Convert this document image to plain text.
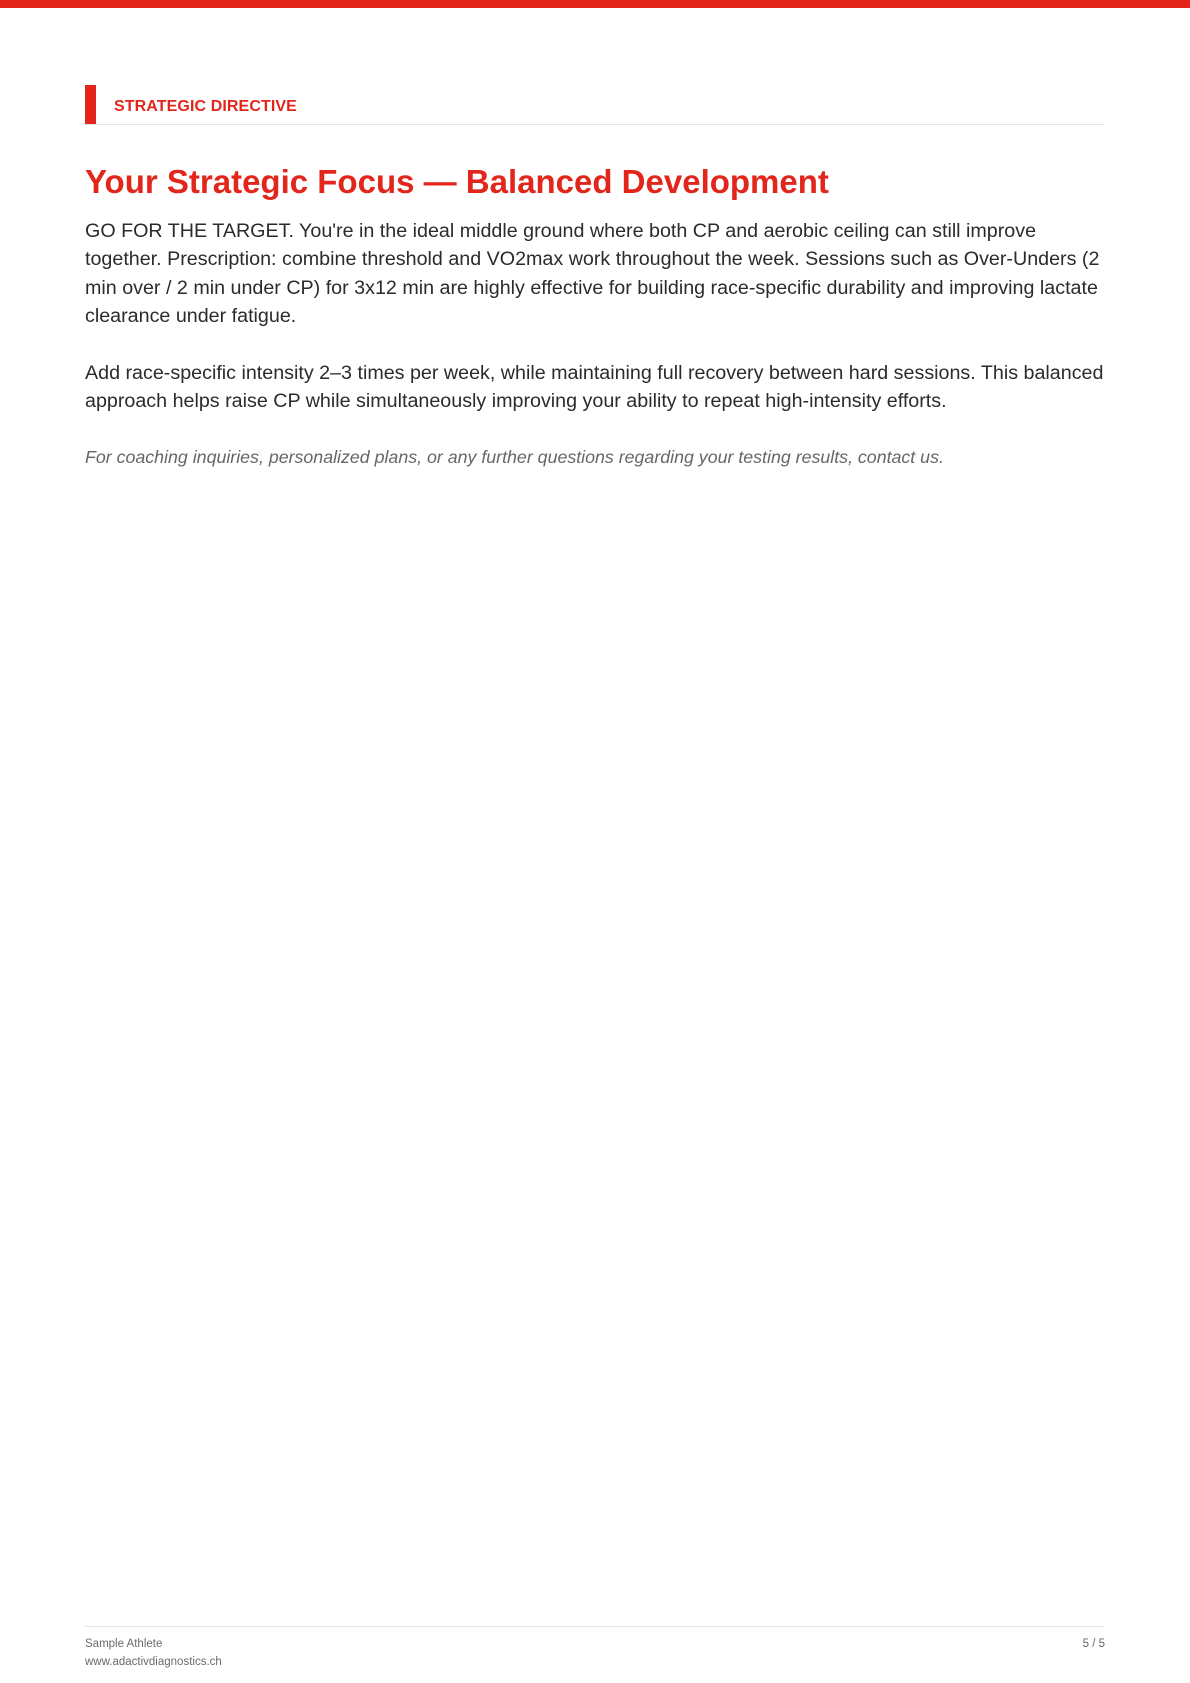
STRATEGIC DIRECTIVE
Your Strategic Focus — Balanced Development

GO FOR THE TARGET. You're in the ideal middle ground where both CP and aerobic ceiling can still improve together. Prescription: combine threshold and VO2max work throughout the week. Sessions such as Over-Unders (2 min over / 2 min under CP) for 3x12 min are highly effective for building race-specific durability and improving lactate clearance under fatigue.

Add race-specific intensity 2–3 times per week, while maintaining full recovery between hard sessions. This balanced approach helps raise CP while simultaneously improving your ability to repeat high-intensity efforts.

For coaching inquiries, personalized plans, or any further questions regarding your testing results, contact us.

Sample Athlete
www.adactivdiagnostics.ch
5 / 5
